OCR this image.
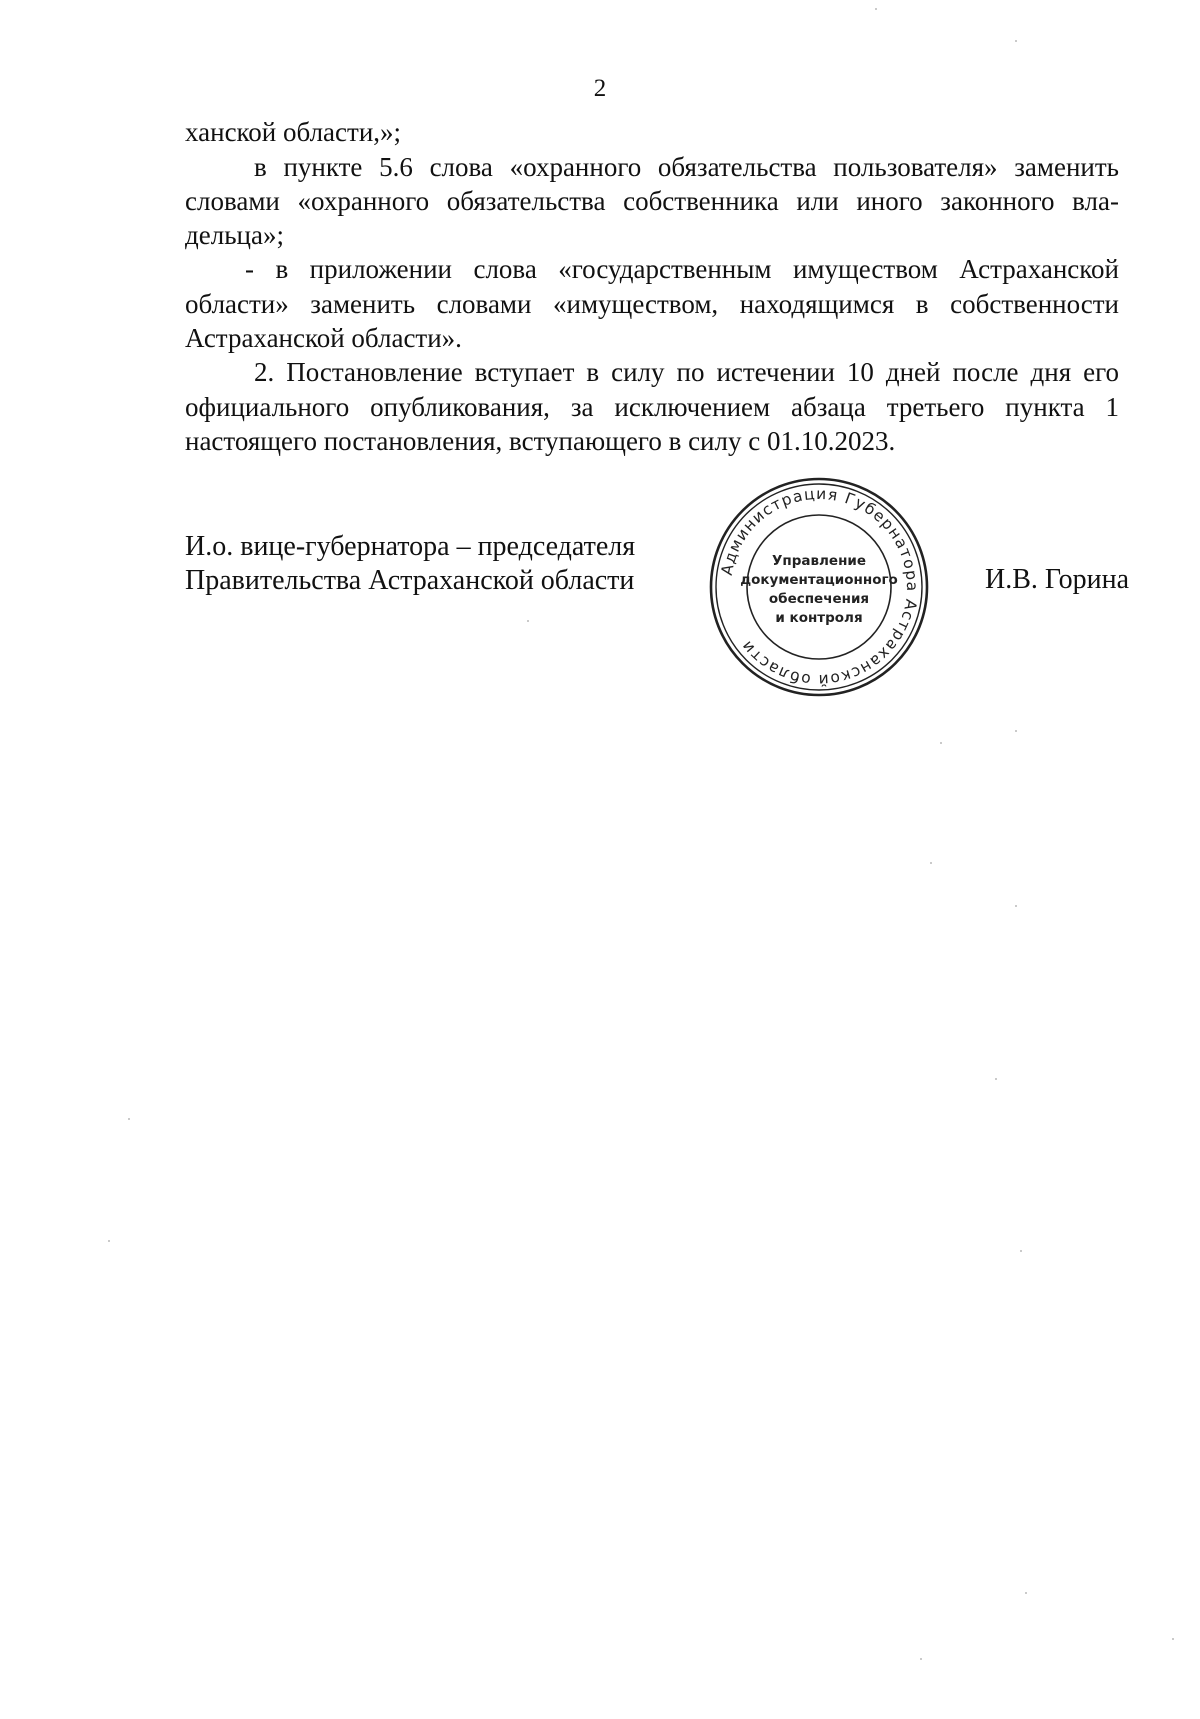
2
ханской области,»;
в пункте 5.6 слова «охранного обязательства пользователя» заменить
словами «охранного обязательства собственника или иного законного вла-
дельца»;
- в приложении слова «государственным имуществом Астраханской
области» заменить словами «имуществом, находящимся в собственности
Астраханской области».
2. Постановление вступает в силу по истечении 10 дней после дня его
официального опубликования, за исключением абзаца третьего пункта 1
настоящего постановления, вступающего в силу с 01.10.2023.
И.о. вице-губернатора – председателя
Правительства Астраханской области	И.В. Горина
Администрация Губернатора Астраханской области
Управление
документационного
обеспечения
и контроля
